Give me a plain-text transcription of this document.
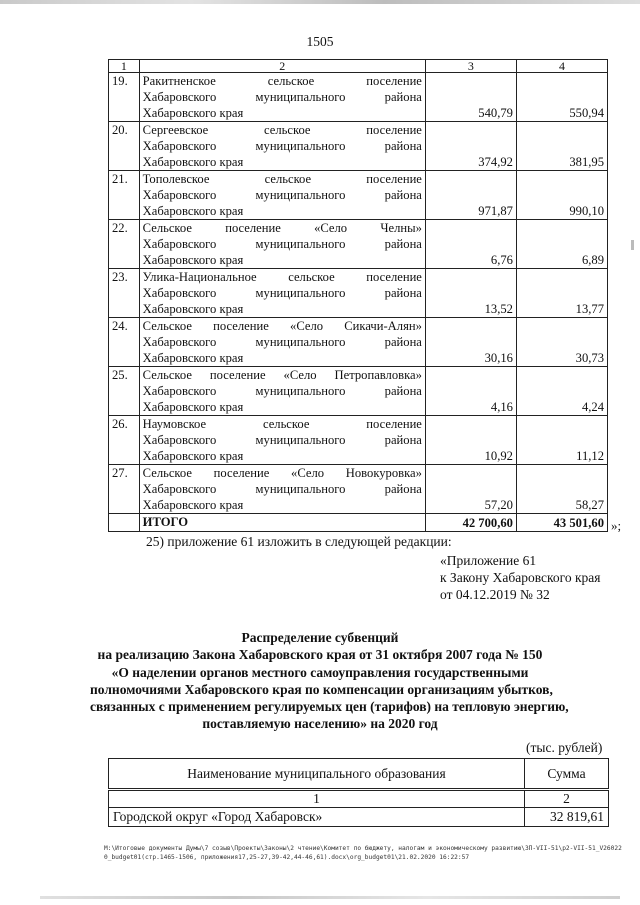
1505
1	2	3	4
19.	Ракитненское сельское поселение
Хабаровского муниципального района
Хабаровского края	540,79	550,94
20.	Сергеевское сельское поселение
Хабаровского муниципального района
Хабаровского края	374,92	381,95
21.	Тополевское сельское поселение
Хабаровского муниципального района
Хабаровского края	971,87	990,10
22.	Сельское поселение «Село Челны»
Хабаровского муниципального района
Хабаровского края	6,76	6,89
23.	Улика-Национальное сельское поселение
Хабаровского муниципального района
Хабаровского края	13,52	13,77
24.	Сельское поселение «Село Сикачи-Алян»
Хабаровского муниципального района
Хабаровского края	30,16	30,73
25.	Сельское поселение «Село Петропавловка»
Хабаровского муниципального района
Хабаровского края	4,16	4,24
26.	Наумовское сельское поселение
Хабаровского муниципального района
Хабаровского края	10,92	11,12
27.	Сельское поселение «Село Новокуровка»
Хабаровского муниципального района
Хабаровского края	57,20	58,27
	ИТОГО	42 700,60	43 501,60 »;
25) приложение 61 изложить в следующей редакции:
«Приложение 61
к Закону Хабаровского края
от 04.12.2019 № 32
Распределение субвенций
на реализацию Закона Хабаровского края от 31 октября 2007 года № 150
«О наделении органов местного самоуправления государственными
полномочиями Хабаровского края по компенсации организациям убытков,
связанных с применением регулируемых цен (тарифов) на тепловую энергию,
поставляемую населению» на 2020 год
(тыс. рублей)
Наименование муниципального образования	Сумма
1	2
Городской округ «Город Хабаровск»	32 819,61
M:\Итоговые документы Думы\7 созыв\Проекты\Законы\2 чтение\Комитет по бюджету, налогам и экономическому развитию\3П-VII-51\р2-VII-51_V260220_budget01(стр.1465-1506, приложения17,25-27,39-42,44-46,61).docx\org_budget01\21.02.2020 16:22:57
